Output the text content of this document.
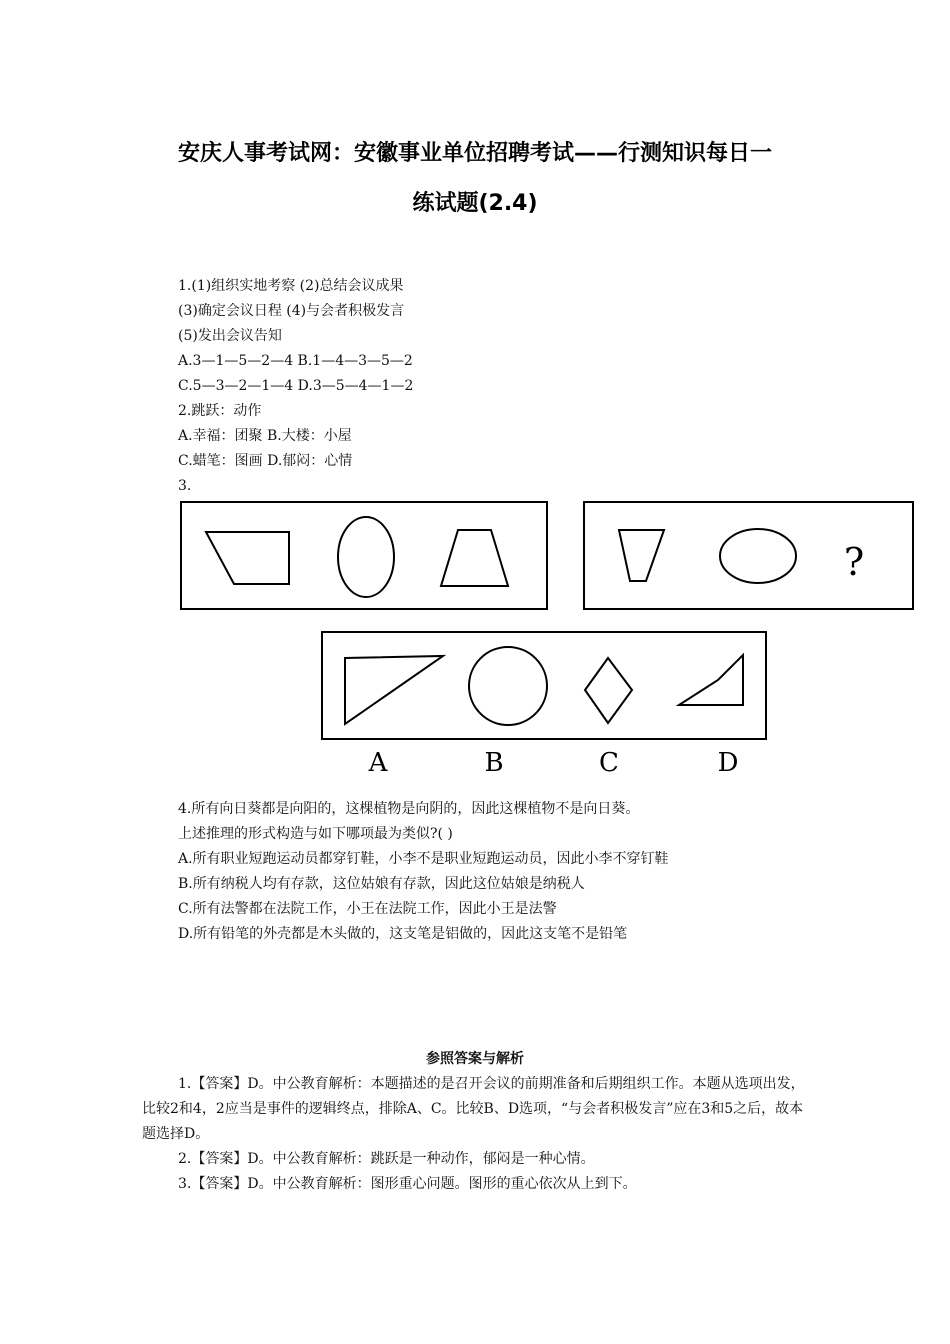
安庆人事考试网：安徽事业单位招聘考试——行测知识每日一
练试题(2.4)
1.(1)组织实地考察 (2)总结会议成果
(3)确定会议日程 (4)与会者积极发言
(5)发出会议告知
A.3—1—5—2—4 B.1—4—3—5—2
C.5—3—2—1—4 D.3—5—4—1—2
2.跳跃：动作
A.幸福：团聚 B.大楼：小屋
C.蜡笔：图画 D.郁闷：心情
3.
?
A	B	C	D
4.所有向日葵都是向阳的，这棵植物是向阴的，因此这棵植物不是向日葵。
上述推理的形式构造与如下哪项最为类似?( )
A.所有职业短跑运动员都穿钉鞋，小李不是职业短跑运动员，因此小李不穿钉鞋
B.所有纳税人均有存款，这位姑娘有存款，因此这位姑娘是纳税人
C.所有法警都在法院工作，小王在法院工作，因此小王是法警
D.所有铅笔的外壳都是木头做的，这支笔是铝做的，因此这支笔不是铅笔
参照答案与解析

1.【答案】D。中公教育解析：本题描述的是召开会议的前期准备和后期组织工作。本题从选项出发，比较2和4，2应当是事件的逻辑终点，排除A、C。比较B、D选项，“与会者积极发言”应在3和5之后，故本题选择D。

2.【答案】D。中公教育解析：跳跃是一种动作，郁闷是一种心情。

3.【答案】D。中公教育解析：图形重心问题。图形的重心依次从上到下。
